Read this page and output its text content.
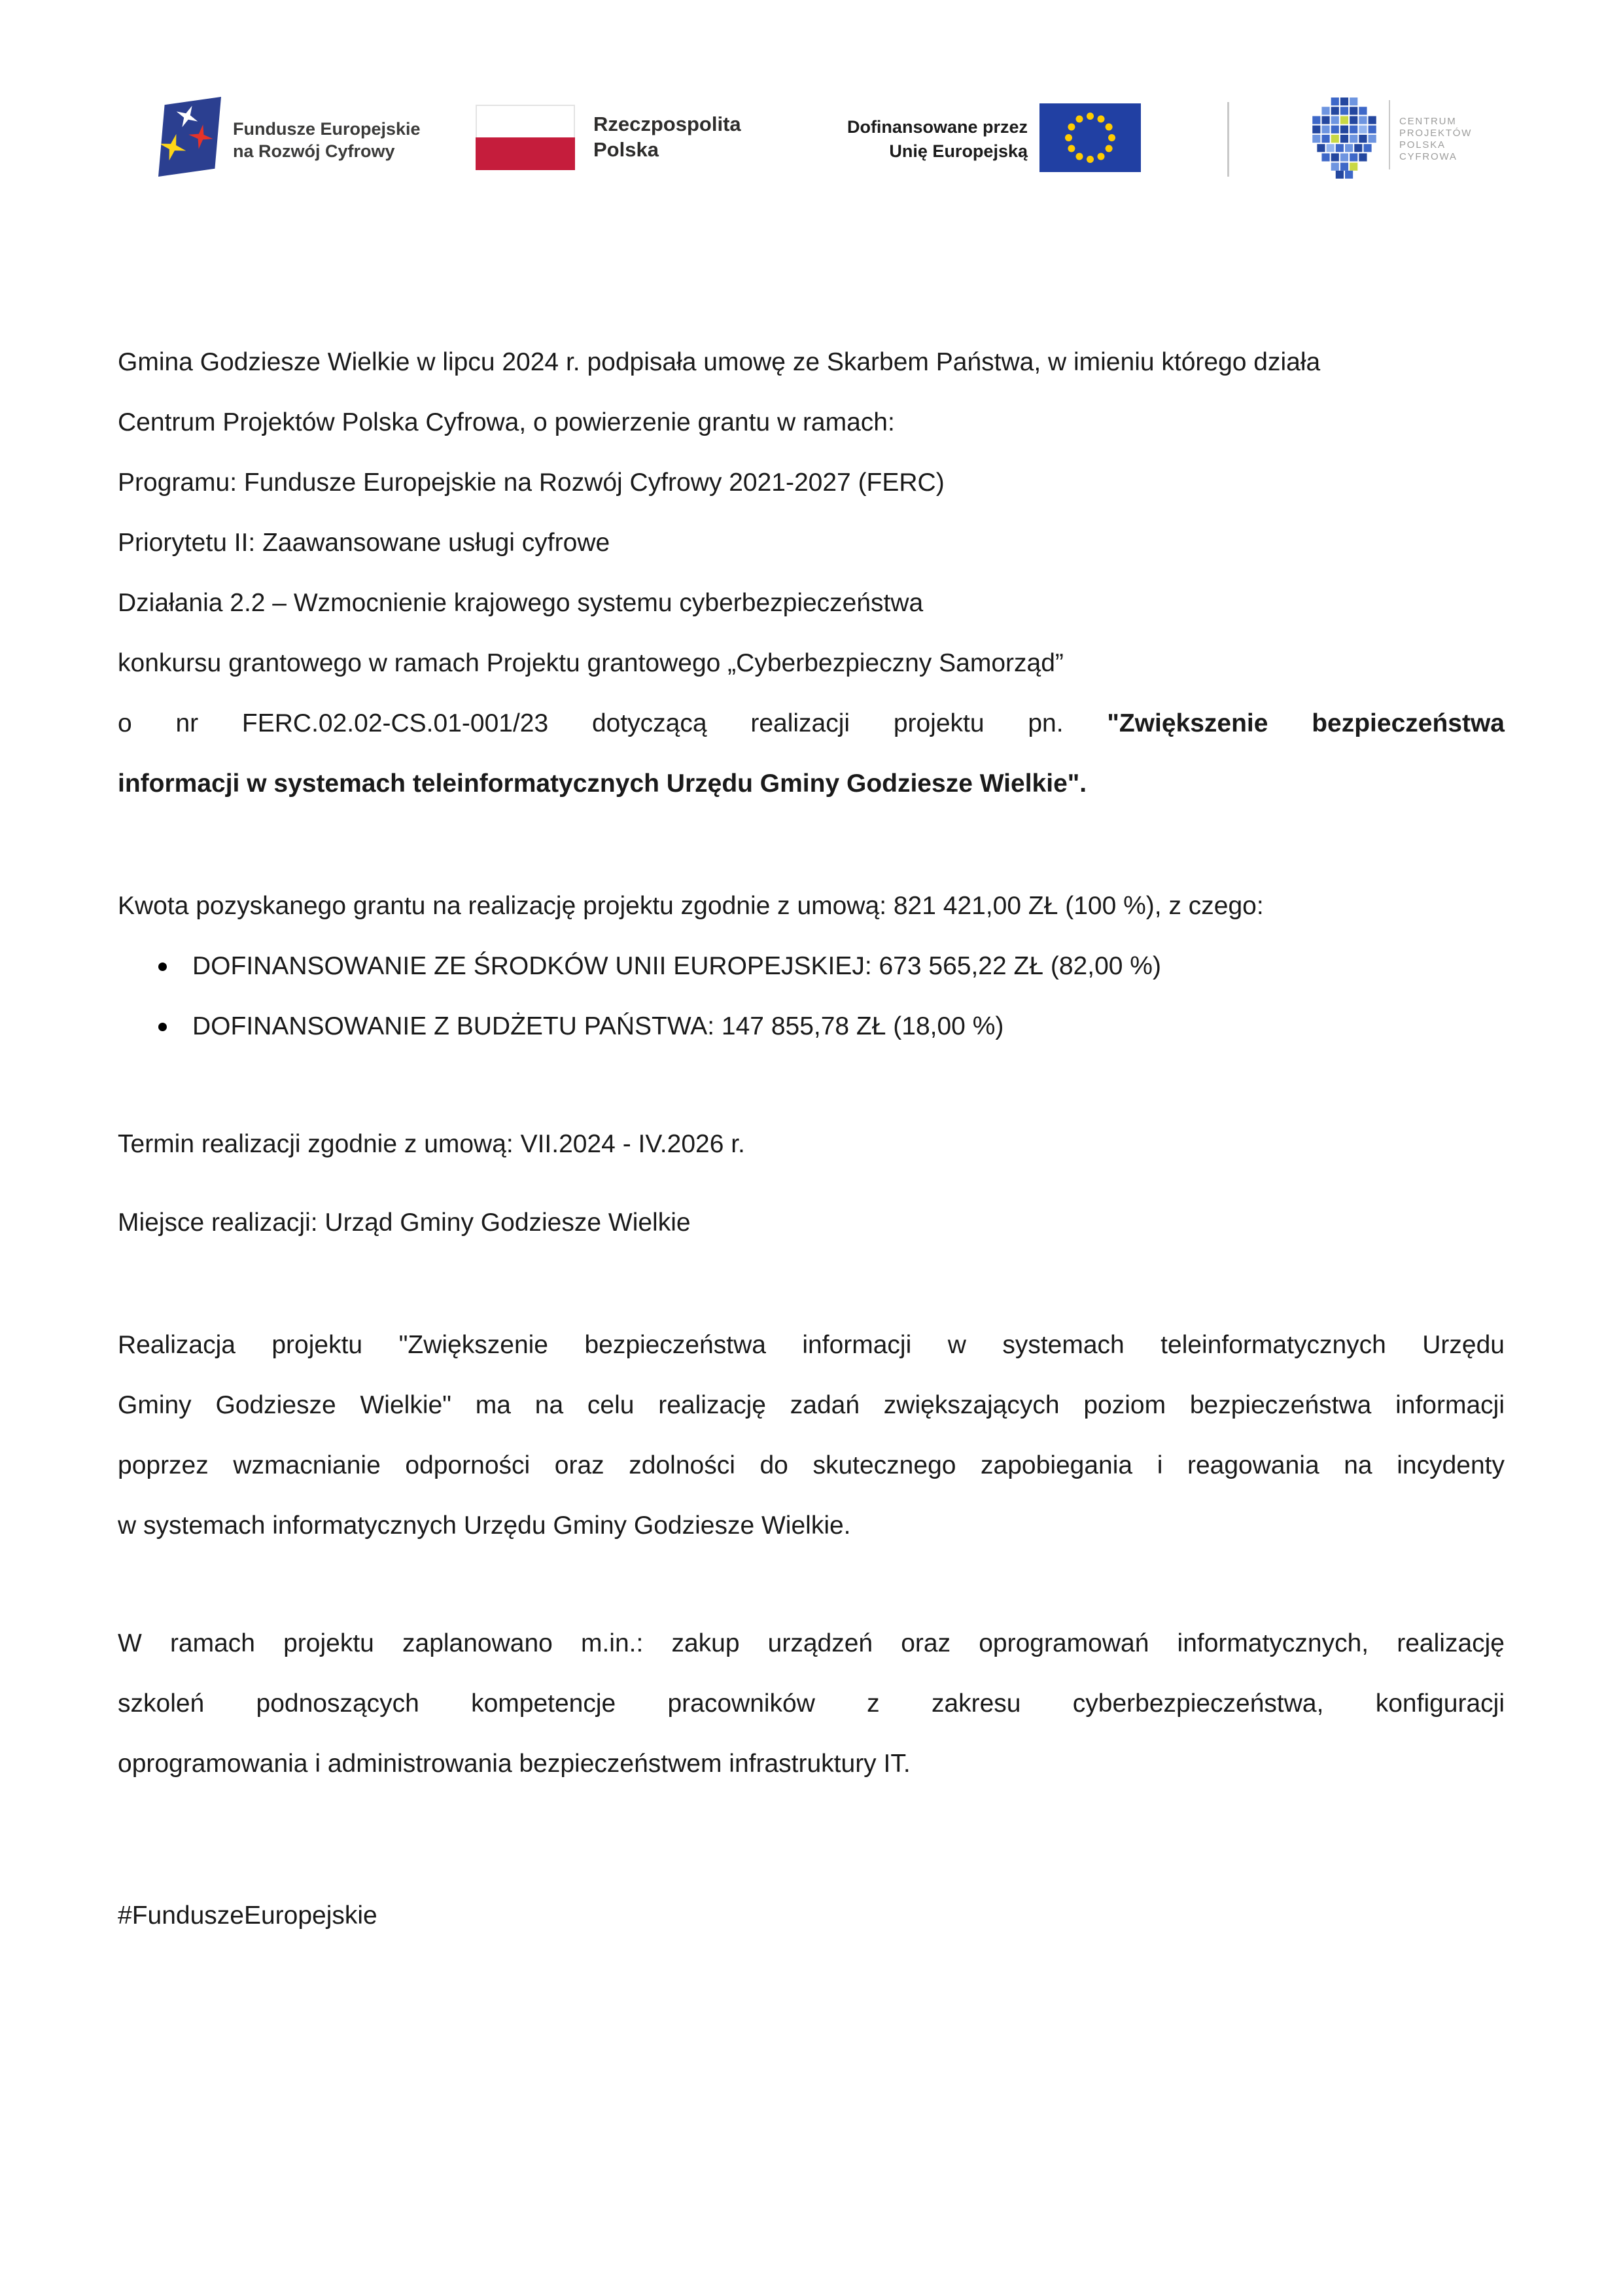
Fundusze Europejskie
na Rozwój Cyfrowy
Rzeczpospolita
Polska
Dofinansowane przez
Unię Europejską
CENTRUM
PROJEKTÓW
POLSKA
CYFROWA
Gmina Godziesze Wielkie w lipcu 2024 r. podpisała umowę ze Skarbem Państwa, w imieniu którego działa
Centrum Projektów Polska Cyfrowa, o powierzenie grantu w ramach:
Programu: Fundusze Europejskie na Rozwój Cyfrowy 2021-2027 (FERC)
Priorytetu II: Zaawansowane usługi cyfrowe
Działania 2.2 – Wzmocnienie krajowego systemu cyberbezpieczeństwa
konkursu grantowego w ramach Projektu grantowego „Cyberbezpieczny Samorząd”
o nr FERC.02.02-CS.01-001/23 dotyczącą realizacji projektu pn. "Zwiększenie bezpieczeństwa
informacji w systemach teleinformatycznych Urzędu Gminy Godziesze Wielkie".
Kwota pozyskanego grantu na realizację projektu zgodnie z umową: 821 421,00 ZŁ (100 %), z czego:
DOFINANSOWANIE ZE ŚRODKÓW UNII EUROPEJSKIEJ: 673 565,22 ZŁ (82,00 %)
DOFINANSOWANIE Z BUDŻETU PAŃSTWA: 147 855,78 ZŁ (18,00 %)
Termin realizacji zgodnie z umową: VII.2024 - IV.2026 r.
Miejsce realizacji: Urząd Gminy Godziesze Wielkie
Realizacja projektu "Zwiększenie bezpieczeństwa informacji w systemach teleinformatycznych Urzędu
Gminy Godziesze Wielkie" ma na celu realizację zadań zwiększających poziom bezpieczeństwa informacji
poprzez wzmacnianie odporności oraz zdolności do skutecznego zapobiegania i reagowania na incydenty
w systemach informatycznych Urzędu Gminy Godziesze Wielkie.
W ramach projektu zaplanowano m.in.: zakup urządzeń oraz oprogramowań informatycznych, realizację
szkoleń podnoszących kompetencje pracowników z zakresu cyberbezpieczeństwa, konfiguracji
oprogramowania i administrowania bezpieczeństwem infrastruktury IT.
#FunduszeEuropejskie
